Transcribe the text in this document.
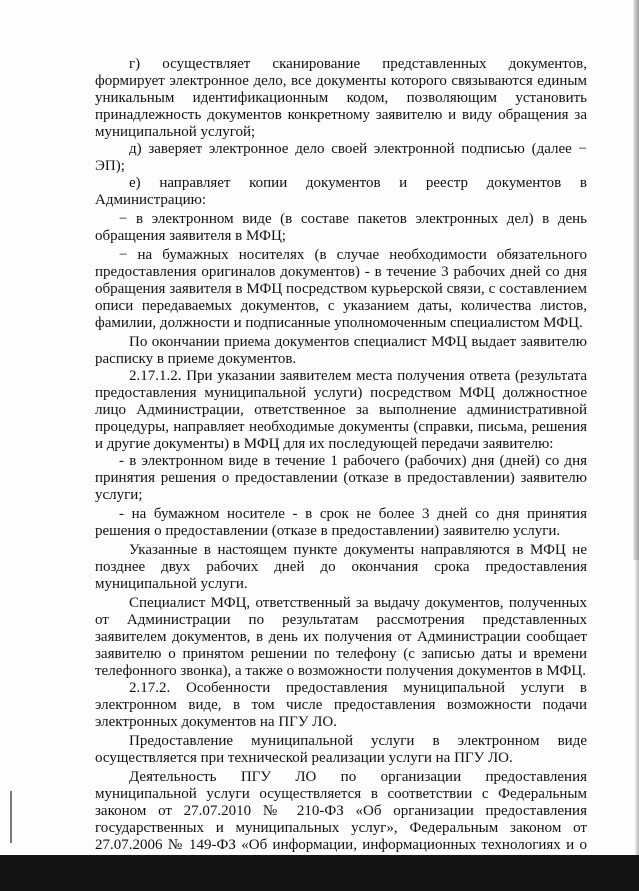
г) осуществляет сканирование представленных документов, формирует электронное дело, все документы которого связываются единым уникальным идентификационным кодом, позволяющим установить принадлежность документов конкретному заявителю и виду обращения за муниципальной услугой;

д) заверяет электронное дело своей электронной подписью (далее − ЭП);

е) направляет копии документов и реестр документов в Администрацию:

− в электронном виде (в составе пакетов электронных дел) в день обращения заявителя в МФЦ;

− на бумажных носителях (в случае необходимости обязательного предоставления оригиналов документов) - в течение 3 рабочих дней со дня обращения заявителя в МФЦ посредством курьерской связи, с составлением описи передаваемых документов, с указанием даты, количества листов, фамилии, должности и подписанные уполномоченным специалистом МФЦ.

По окончании приема документов специалист МФЦ выдает заявителю расписку в приеме документов.

2.17.1.2. При указании заявителем места получения ответа (результата предоставления муниципальной услуги) посредством МФЦ должностное лицо Администрации, ответственное за выполнение административной процедуры, направляет необходимые документы (справки, письма, решения и другие документы) в МФЦ для их последующей передачи заявителю:

- в электронном виде в течение 1 рабочего (рабочих) дня (дней) со дня принятия решения о предоставлении (отказе в предоставлении) заявителю услуги;

- на бумажном носителе - в срок не более 3 дней со дня принятия решения о предоставлении (отказе в предоставлении) заявителю услуги.

Указанные в настоящем пункте документы направляются в МФЦ не позднее двух рабочих дней до окончания срока предоставления муниципальной услуги.

Специалист МФЦ, ответственный за выдачу документов, полученных от Администрации по результатам рассмотрения представленных заявителем документов, в день их получения от Администрации сообщает заявителю о принятом решении по телефону (с записью даты и времени телефонного звонка), а также о возможности получения документов в МФЦ.

2.17.2. Особенности предоставления муниципальной услуги в электронном виде, в том числе предоставления возможности подачи электронных документов на ПГУ ЛО.

Предоставление муниципальной услуги в электронном виде осуществляется при технической реализации услуги на ПГУ ЛО.

Деятельность ПГУ ЛО по организации предоставления муниципальной услуги осуществляется в соответствии с Федеральным законом от 27.07.2010 № 210-ФЗ «Об организации предоставления государственных и муниципальных услуг», Федеральным законом от 27.07.2006 № 149-ФЗ «Об информации, информационных технологиях и о
